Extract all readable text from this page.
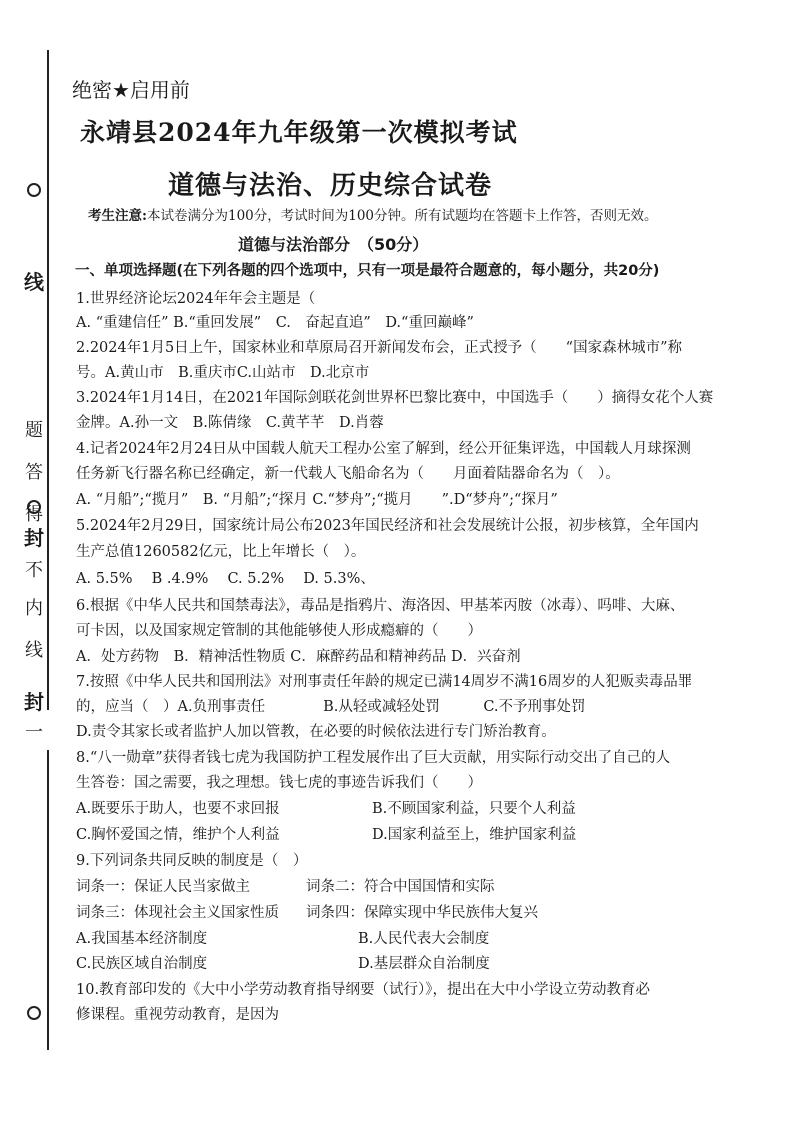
线
题
答
封
得
不
内
线
封
一
绝密★启用前
永靖县2024年九年级第一次模拟考试
道德与法治、历史综合试卷
考生注意:本试卷满分为100分，考试时间为100分钟。所有试题均在答题卡上作答，否则无效。
道德与法治部分　（50分）
一、单项选择题(在下列各题的四个选项中，只有一项是最符合题意的，每小题分，共20分)
1.世界经济论坛2024年年会主题是（
A. “重建信任” B.“重回发展”　C.　奋起直追”　D.“重回巅峰”
2.2024年1月5日上午，国家林业和草原局召开新闻发布会，正式授予（　　“国家森林城市”称
号。A.黄山市　B.重庆市C.山站市　D.北京市
3.2024年1月14日，在2021年国际剑联花剑世界杯巴黎比赛中，中国选手（　　）摘得女花个人赛
金牌。A.孙一文　B.陈倩缘　C.黄芊芊　D.肖蓉
4.记者2024年2月24日从中国载人航天工程办公室了解到，经公开征集评选，中国载人月球探测
任务新飞行器名称已经确定，新一代载人飞船命名为（　　月面着陆器命名为（　）。
A. “月船”;“揽月”　B. “月船”;“探月 C.“梦舟”;“揽月　　”.D“梦舟”;“探月”
5.2024年2月29日，国家统计局公布2023年国民经济和社会发展统计公报，初步核算，全年国内
生产总值1260582亿元，比上年增长（　）。
A. 5.5%　 B .4.9%　 C. 5.2%　 D. 5.3%、
6.根据《中华人民共和国禁毒法》，毒品是指鸦片、海洛因、甲基苯丙胺（冰毒）、吗啡、大麻、
可卡因，以及国家规定管制的其他能够使人形成瘾癖的（　　）
A．处方药物　B．精神活性物质 C．麻醉药品和精神药品 D．兴奋剂
7.按照《中华人民共和国刑法》对刑事责任年龄的规定已满14周岁不满16周岁的人犯贩卖毒品罪
的，应当（　）A.负刑事责任　　　　B.从轻或减轻处罚　　　C.不予刑事处罚
D.责令其家长或者监护人加以管教，在必要的时候依法进行专门矫治教育。
8.“八一勋章”获得者钱七虎为我国防护工程发展作出了巨大贡献，用实际行动交出了自己的人
生答卷：国之需要，我之理想。钱七虎的事迹告诉我们（　　）
A.既要乐于助人，也要不求回报	B.不顾国家利益，只要个人利益
C.胸怀爱国之情，维护个人利益	D.国家利益至上，维护国家利益
9.下列词条共同反映的制度是（　）
词条一：保证人民当家做主	词条二：符合中国国情和实际
词条三：体现社会主义国家性质 词条四：保障实现中华民族伟大复兴
A.我国基本经济制度	B.人民代表大会制度
C.民族区域自治制度	D.基层群众自治制度
10.教育部印发的《大中小学劳动教育指导纲要（试行）》，提出在大中小学设立劳动教育必
修课程。重视劳动教育，是因为
